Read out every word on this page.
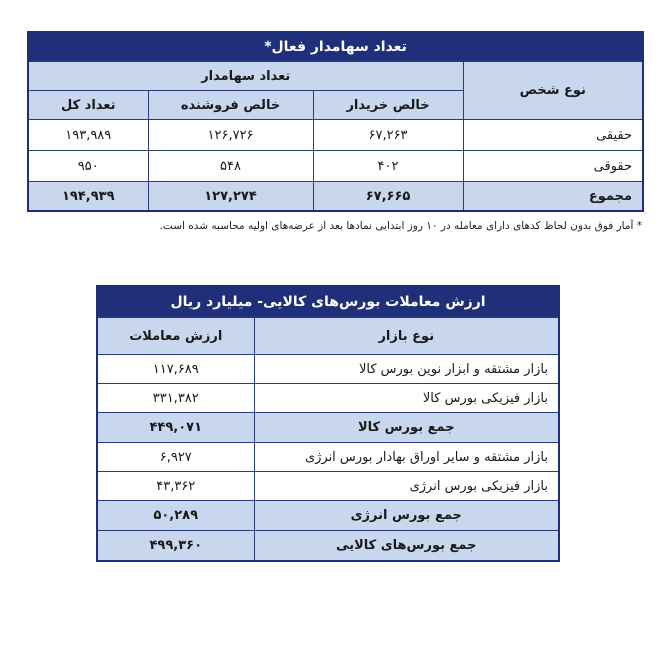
تعداد سهامدار فعال*			
نوع شخص	تعداد سهامدار		
	خالص خریدار	خالص فروشنده	تعداد کل
حقیقی	۶۷,۲۶۳	۱۲۶,۷۲۶	۱۹۳,۹۸۹
حقوقی	۴۰۲	۵۴۸	۹۵۰
مجموع	۶۷,۶۶۵	۱۲۷,۲۷۴	۱۹۴,۹۳۹
* آمار فوق بدون لحاظ کدهای دارای معامله در ۱۰ روز ابتدایی نمادها بعد از عرضه‌های اولیه محاسبه شده است.
ارزش معاملات بورس‌های کالایی- میلیارد ریال	
نوع بازار	ارزش معاملات
بازار مشتقه و ابزار نوین بورس کالا	۱۱۷,۶۸۹
بازار فیزیکی بورس کالا	۳۳۱,۳۸۲
جمع بورس کالا	۴۴۹,۰۷۱
بازار مشتقه و سایر اوراق بهادار بورس انرژی	۶,۹۲۷
بازار فیزیکی بورس انرژی	۴۳,۳۶۲
جمع بورس انرژی	۵۰,۲۸۹
جمع بورس‌های کالایی	۴۹۹,۳۶۰
